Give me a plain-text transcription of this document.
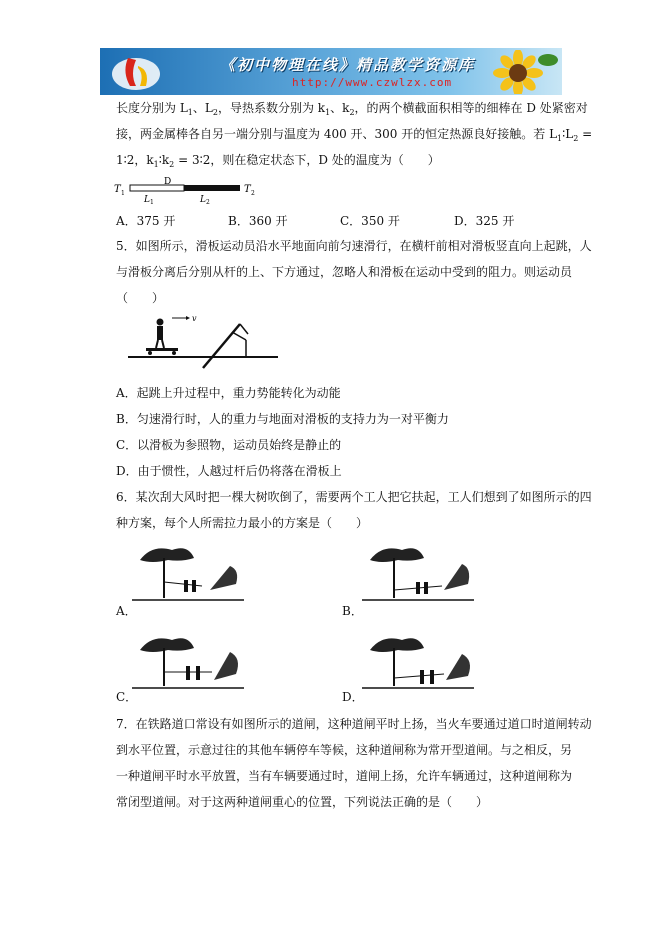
《初中物理在线》精品教学资源库
http://www.czwlzx.com
长度分别为 $L_1$、$L_2$，导热系数分别为 $k_1$、$k_2$，的两个横截面积相等的细棒在 D 处紧密对
接，两金属棒各自另一端分别与温度为 400 开、300 开的恒定热源良好接触。若 $L_1∶L_2$ =
1∶2，$k_1∶k_2$ = 3∶2，则在稳定状态下，D 处的温度为（　　）
T 1
D
L 1	L 2
T 2
A．375 开	B．360 开	C．350 开	D．325 开
5．如图所示，滑板运动员沿水平地面向前匀速滑行，在横杆前相对滑板竖直向上起跳，人
与滑板分离后分别从杆的上、下方通过，忽略人和滑板在运动中受到的阻力。则运动员
（　　）
v
A．起跳上升过程中，重力势能转化为动能
B．匀速滑行时，人的重力与地面对滑板的支持力为一对平衡力
C．以滑板为参照物，运动员始终是静止的
D．由于惯性，人越过杆后仍将落在滑板上
6．某次刮大风时把一棵大树吹倒了，需要两个工人把它扶起，工人们想到了如图所示的四
种方案，每个人所需拉力最小的方案是（　　）
A．	B．
C．	D．
7．在铁路道口常设有如图所示的道闸，这种道闸平时上扬，当火车要通过道口时道闸转动
到水平位置，示意过往的其他车辆停车等候，这种道闸称为常开型道闸。与之相反，另
一种道闸平时水平放置，当有车辆要通过时，道闸上扬，允许车辆通过，这种道闸称为
常闭型道闸。对于这两种道闸重心的位置，下列说法正确的是（　　）
